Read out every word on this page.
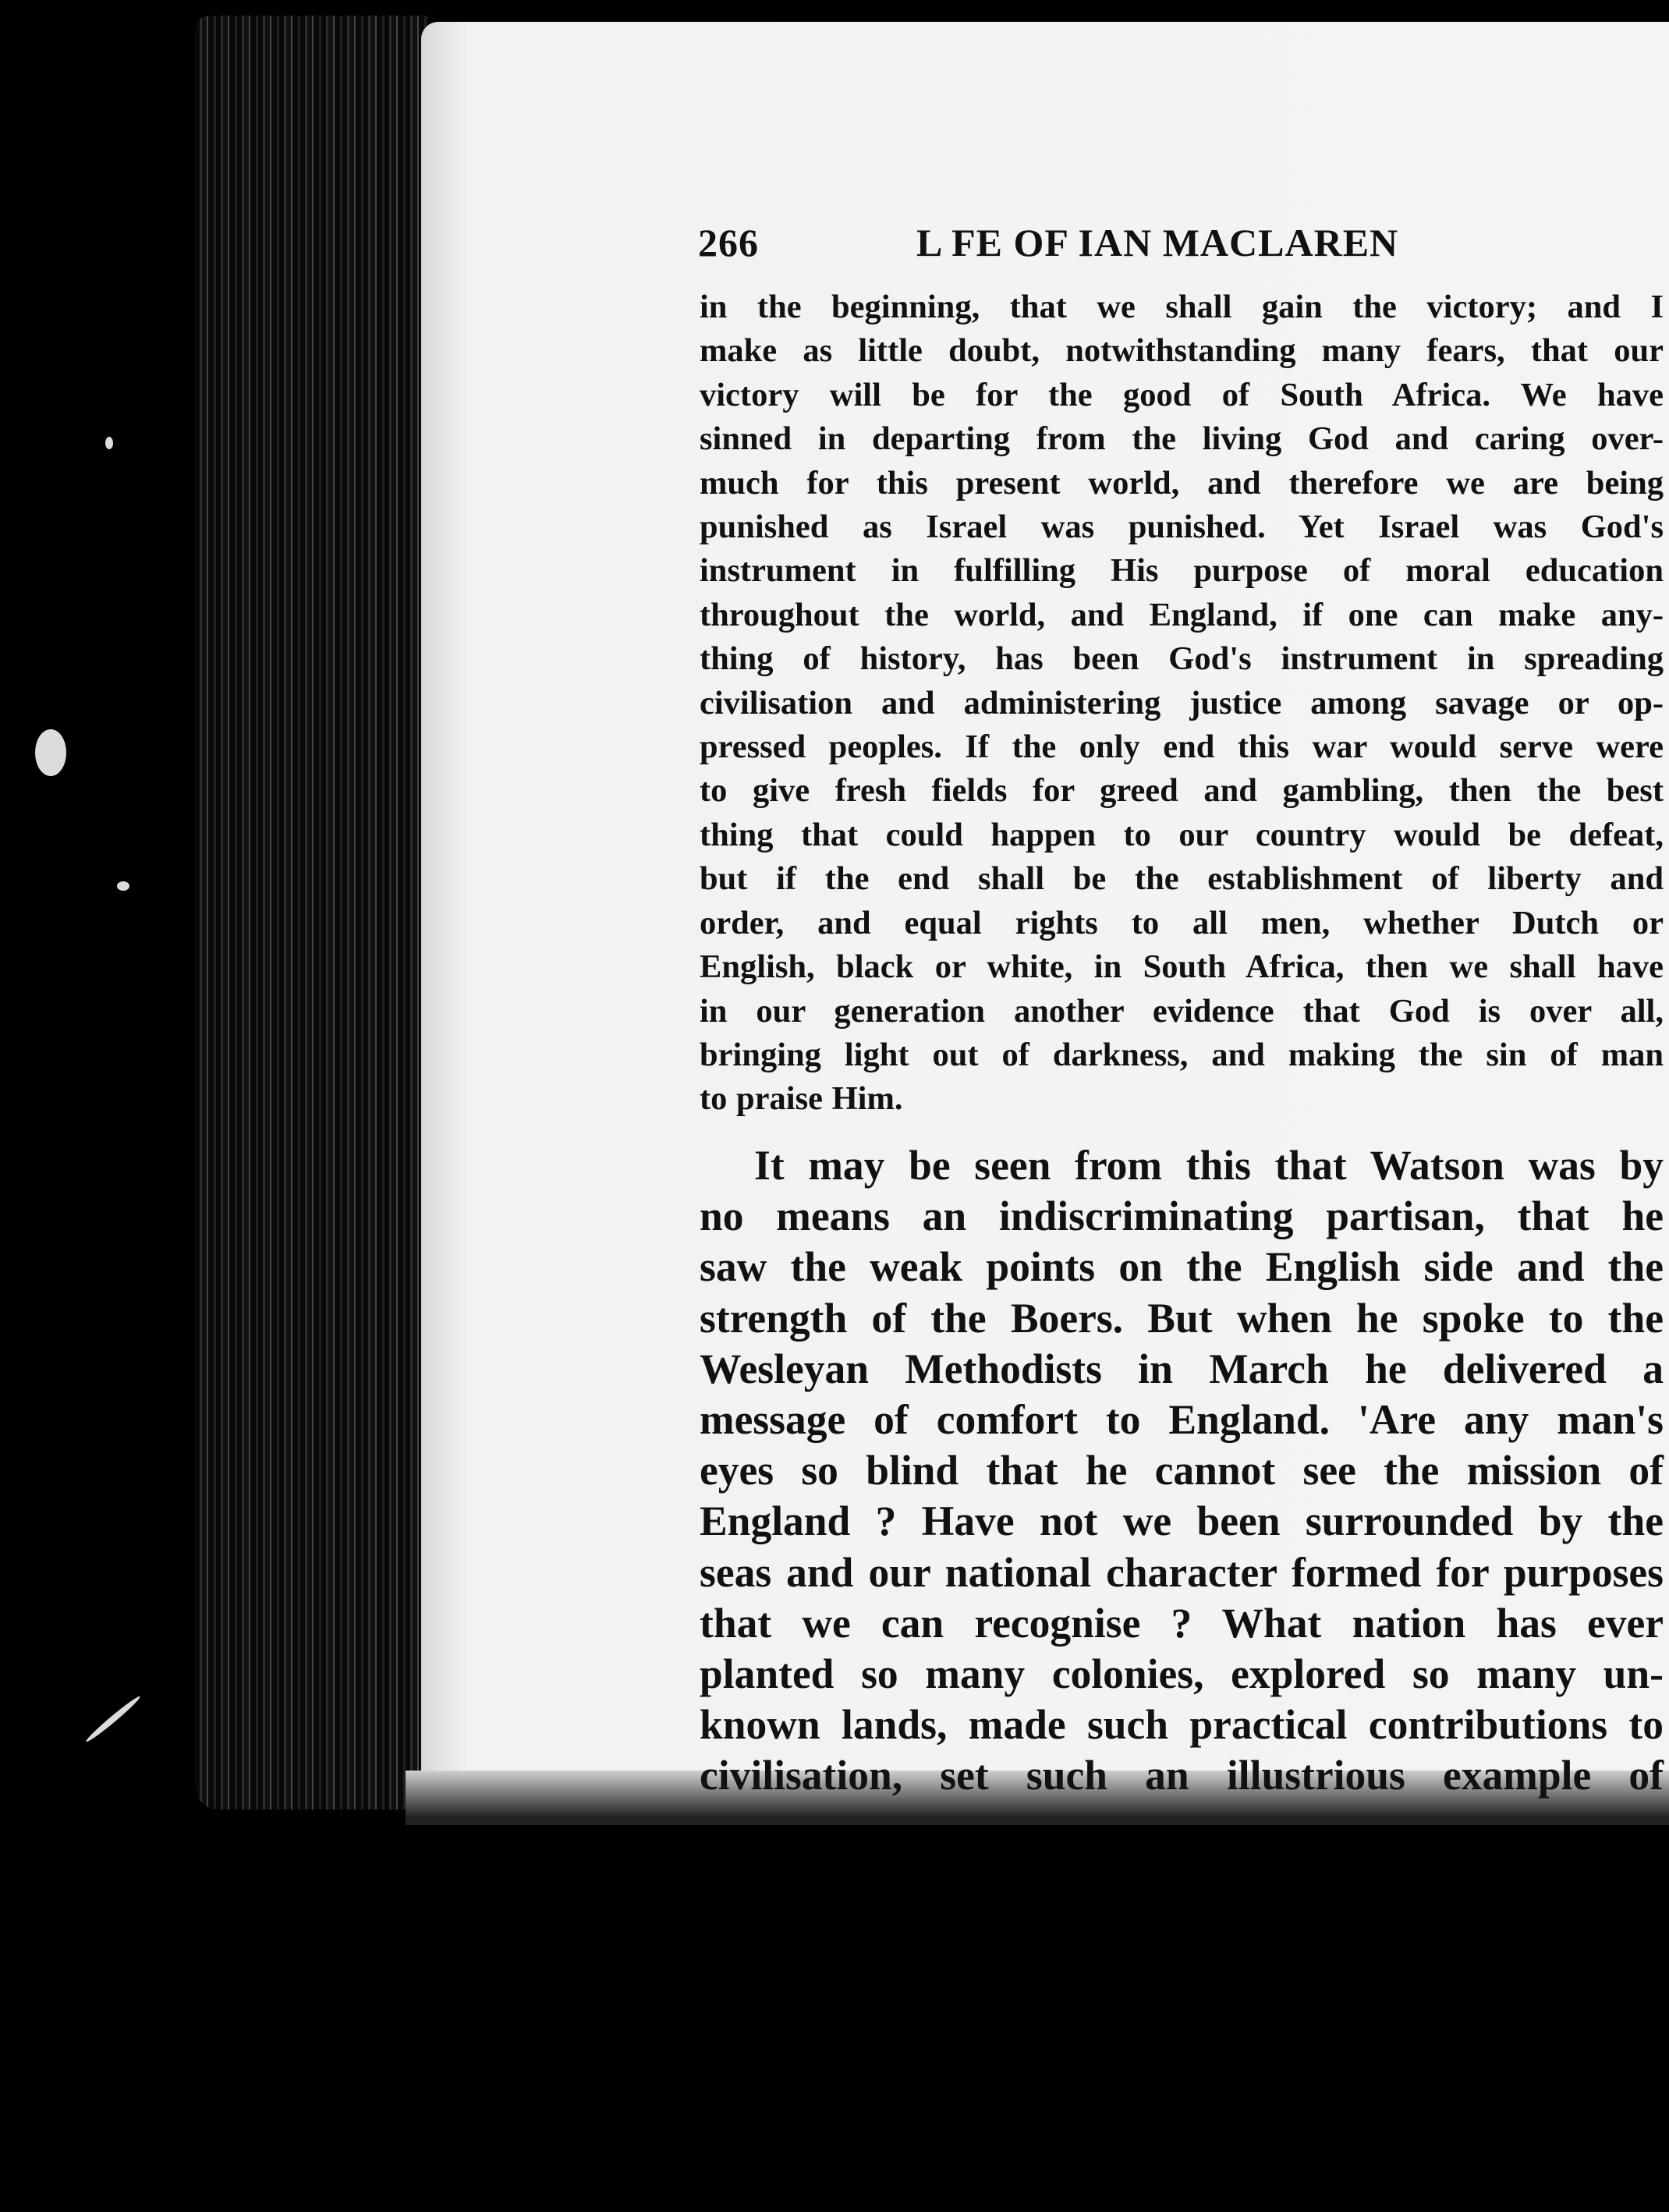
266	L FE OF IAN MACLAREN
in the beginning, that we shall gain the victory; and I
make as little doubt, notwithstanding many fears, that our
victory will be for the good of South Africa. We have
sinned in departing from the living God and caring over-
much for this present world, and therefore we are being
punished as Israel was punished. Yet Israel was God's
instrument in fulfilling His purpose of moral education
throughout the world, and England, if one can make any-
thing of history, has been God's instrument in spreading
civilisation and administering justice among savage or op-
pressed peoples. If the only end this war would serve were
to give fresh fields for greed and gambling, then the best
thing that could happen to our country would be defeat,
but if the end shall be the establishment of liberty and
order, and equal rights to all men, whether Dutch or
English, black or white, in South Africa, then we shall have
in our generation another evidence that God is over all,
bringing light out of darkness, and making the sin of man
to praise Him.
It may be seen from this that Watson was by
no means an indiscriminating partisan, that he
saw the weak points on the English side and the
strength of the Boers. But when he spoke to the
Wesleyan Methodists in March he delivered a
message of comfort to England. 'Are any man's
eyes so blind that he cannot see the mission of
England ? Have not we been surrounded by the
seas and our national character formed for purposes
that we can recognise ? What nation has ever
planted so many colonies, explored so many un-
known lands, made such practical contributions to
civilisation, set such an illustrious example of
